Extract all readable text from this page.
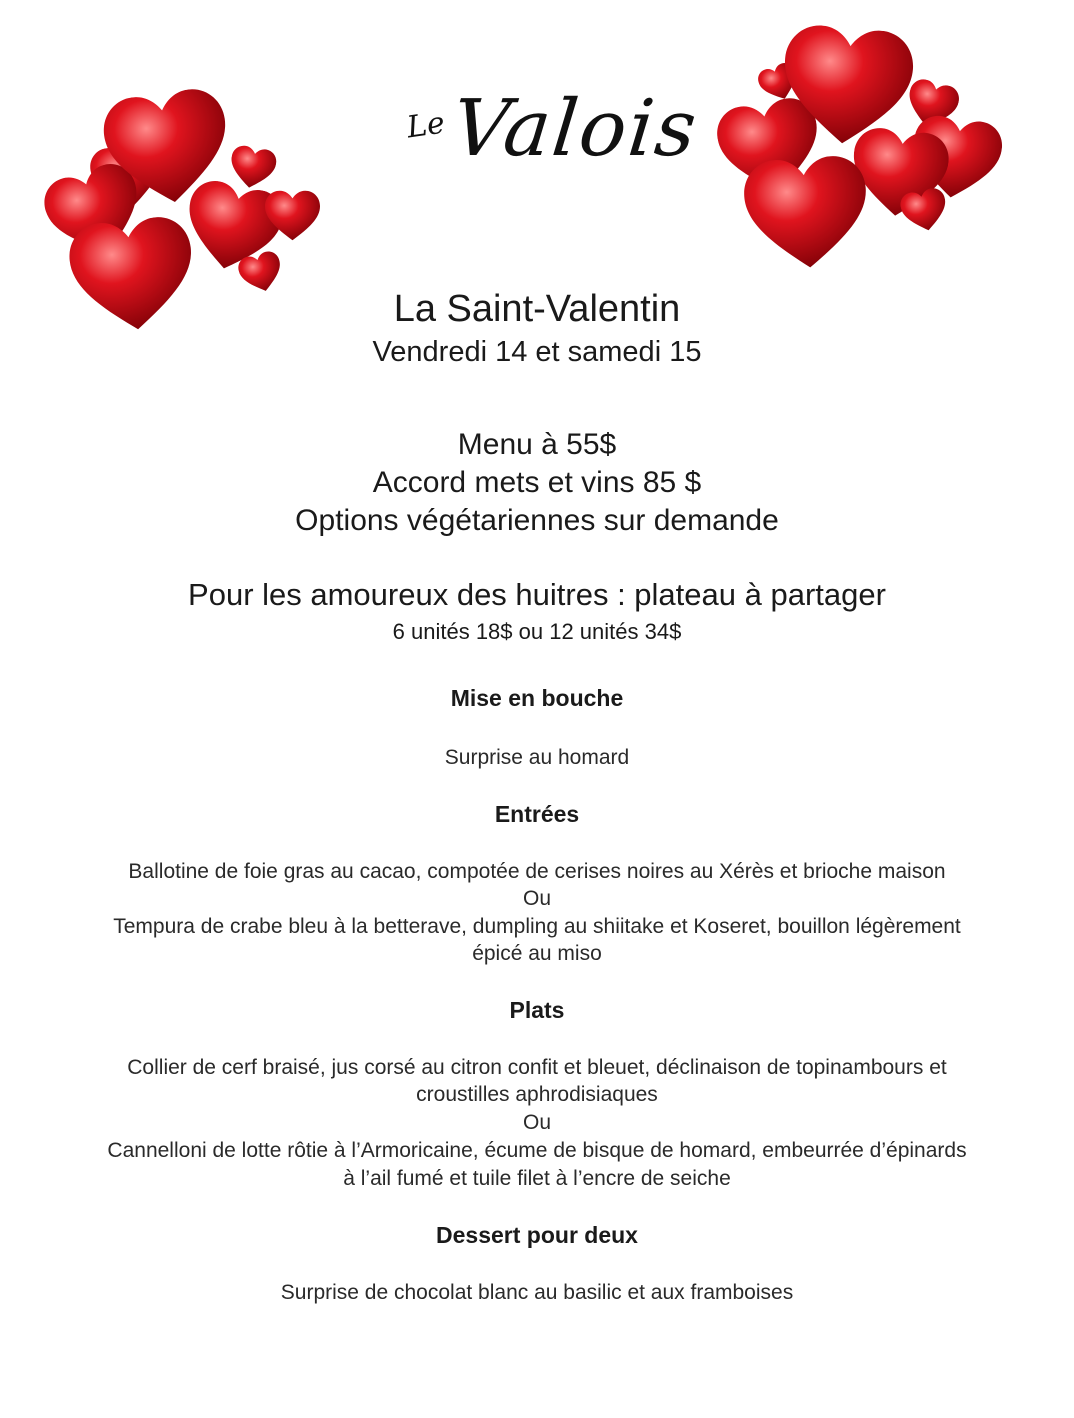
Le Valois
La Saint-Valentin
Vendredi 14 et samedi 15
Menu à 55$
Accord mets et vins 85 $
Options végétariennes sur demande
Pour les amoureux des huitres : plateau à partager
6 unités 18$ ou 12 unités 34$
Mise en bouche
Surprise au homard
Entrées
Ballotine de foie gras au cacao, compotée de cerises noires au Xérès et brioche maison
Ou
Tempura de crabe bleu à la betterave, dumpling au shiitake et Koseret, bouillon légèrement
épicé au miso
Plats
Collier de cerf braisé, jus corsé au citron confit et bleuet, déclinaison de topinambours et
croustilles aphrodisiaques
Ou
Cannelloni de lotte rôtie à l’Armoricaine, écume de bisque de homard, embeurrée d’épinards
à l’ail fumé et tuile filet à l’encre de seiche
Dessert pour deux
Surprise de chocolat blanc au basilic et aux framboises
